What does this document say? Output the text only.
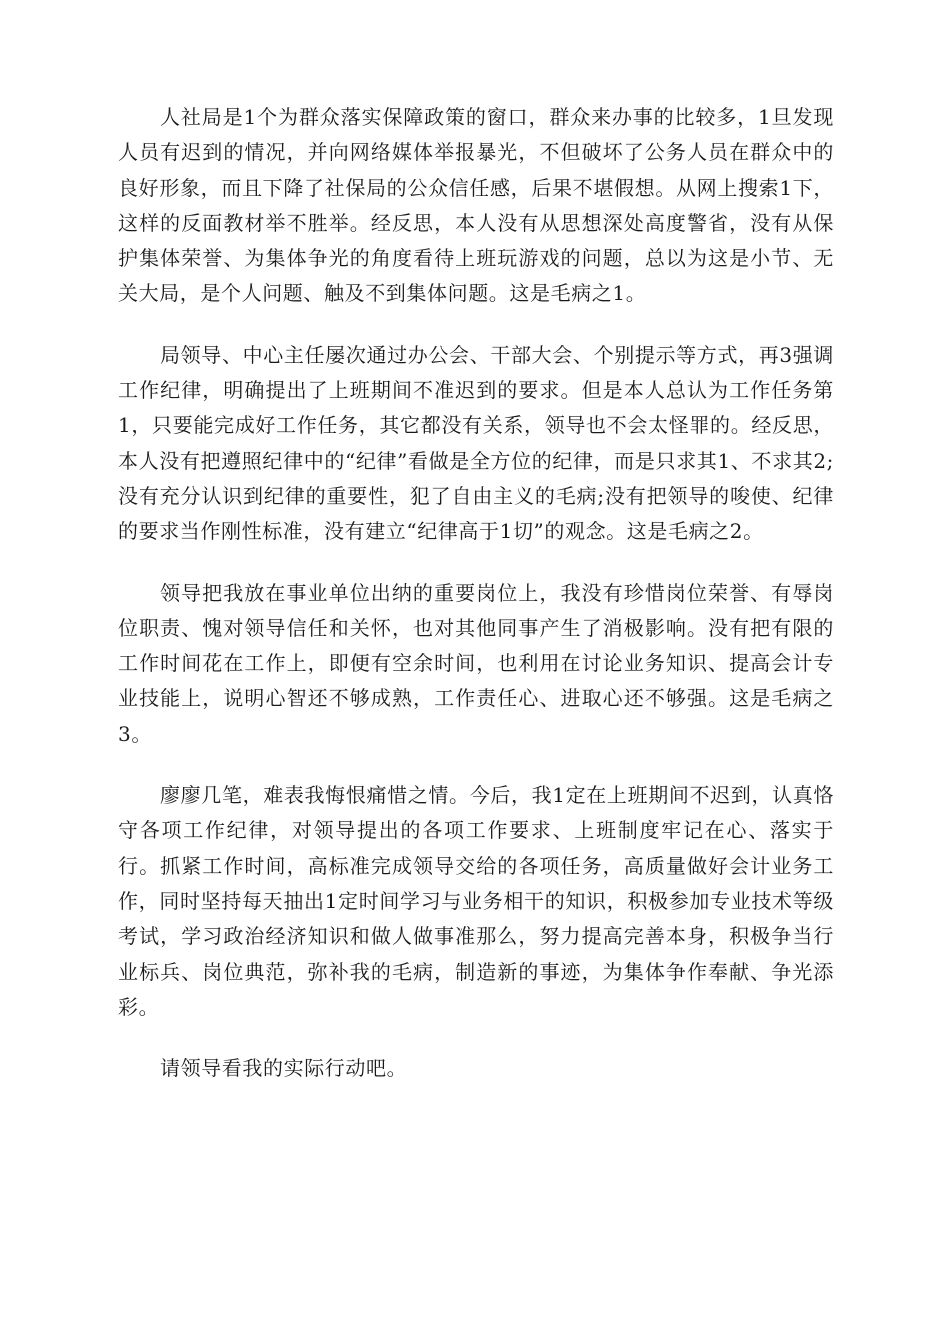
人社局是1个为群众落实保障政策的窗口，群众来办事的比较多，1旦发现人员有迟到的情况，并向网络媒体举报暴光，不但破坏了公务人员在群众中的良好形象，而且下降了社保局的公众信任感，后果不堪假想。从网上搜索1下，这样的反面教材举不胜举。经反思，本人没有从思想深处高度警省，没有从保护集体荣誉、为集体争光的角度看待上班玩游戏的问题，总以为这是小节、无关大局，是个人问题、触及不到集体问题。这是毛病之1。

局领导、中心主任屡次通过办公会、干部大会、个别提示等方式，再3强调工作纪律，明确提出了上班期间不准迟到的要求。但是本人总认为工作任务第1，只要能完成好工作任务，其它都没有关系，领导也不会太怪罪的。经反思，本人没有把遵照纪律中的“纪律”看做是全方位的纪律，而是只求其1、不求其2;没有充分认识到纪律的重要性，犯了自由主义的毛病;没有把领导的唆使、纪律的要求当作刚性标准，没有建立“纪律高于1切”的观念。这是毛病之2。

领导把我放在事业单位出纳的重要岗位上，我没有珍惜岗位荣誉、有辱岗位职责、愧对领导信任和关怀，也对其他同事产生了消极影响。没有把有限的工作时间花在工作上，即便有空余时间，也利用在讨论业务知识、提高会计专业技能上，说明心智还不够成熟，工作责任心、进取心还不够强。这是毛病之3。

廖廖几笔，难表我悔恨痛惜之情。今后，我1定在上班期间不迟到，认真恪守各项工作纪律，对领导提出的各项工作要求、上班制度牢记在心、落实于行。抓紧工作时间，高标准完成领导交给的各项任务，高质量做好会计业务工作，同时坚持每天抽出1定时间学习与业务相干的知识，积极参加专业技术等级考试，学习政治经济知识和做人做事准那么，努力提高完善本身，积极争当行业标兵、岗位典范，弥补我的毛病，制造新的事迹，为集体争作奉献、争光添彩。

请领导看我的实际行动吧。
